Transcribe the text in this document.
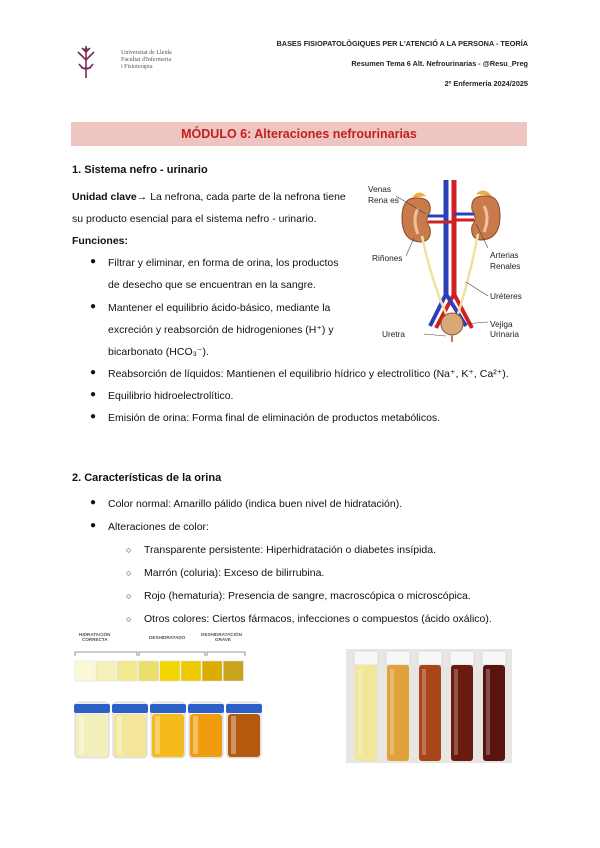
Universitat de Lleida
Facultat d'Infermeria
i Fisioteràpia
BASES FISIOPATOLÒGIQUES PER L'ATENCIÓ A LA PERSONA - TEORÍA
Resumen Tema 6 Alt. Nefrourinarias - @Resu_Preg
2º Enfermería 2024/2025
MÓDULO 6: Alteraciones nefrourinarias
1. Sistema nefro - urinario
Unidad clave→ La nefrona, cada parte de la nefrona tiene
su producto esencial para el sistema nefro - urinario.
Funciones:
● Filtrar y eliminar, en forma de orina, los productos
de desecho que se encuentran en la sangre.
● Mantener el equilibrio ácido-básico, mediante la
excreción y reabsorción de hidrogeniones (H⁺) y
bicarbonato (HCO₃⁻).
● Reabsorción de líquidos: Mantienen el equilibrio hídrico y electrolítico (Na⁺, K⁺, Ca²⁺).
● Equilibrio hidroelectrolítico.
● Emisión de orina: Forma final de eliminación de productos metabólicos.
Venas
Rena es
Riñones	Arterias
Renales
Uréteres
Vejiga
Urinaria
Uretra
2. Características de la orina
● Color normal: Amarillo pálido (indica buen nivel de hidratación).
● Alteraciones de color:
○ Transparente persistente: Hiperhidratación o diabetes insípida.
○ Marrón (coluria): Exceso de bilirrubina.
○ Rojo (hematuria): Presencia de sangre, macroscópica o microscópica.
○ Otros colores: Ciertos fármacos, infecciones o compuestos (ácido oxálico).
HIDRATACIÓN
CORRECTA	DESHIDRATADO
DESHIDRATACIÓN
GRAVE
